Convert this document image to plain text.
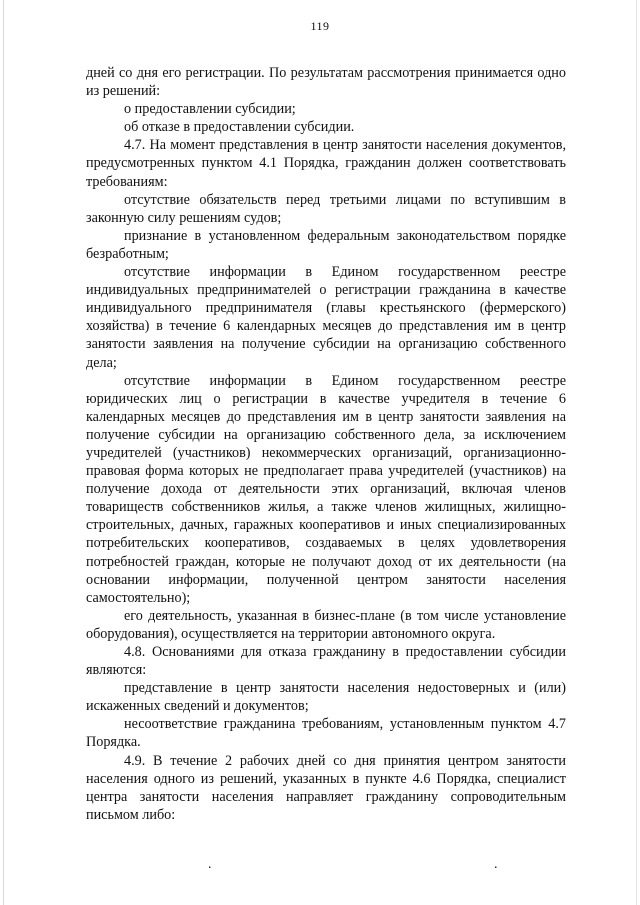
119

дней со дня его регистрации. По результатам рассмотрения принимается одно из решений:

о предоставлении субсидии;

об отказе в предоставлении субсидии.

4.7. На момент представления в центр занятости населения документов, предусмотренных пунктом 4.1 Порядка, гражданин должен соответствовать требованиям:

отсутствие обязательств перед третьими лицами по вступившим в законную силу решениям судов;

признание в установленном федеральным законодательством порядке безработным;

отсутствие информации в Едином государственном реестре индивидуальных предпринимателей о регистрации гражданина в качестве индивидуального предпринимателя (главы крестьянского (фермерского) хозяйства) в течение 6 календарных месяцев до представления им в центр занятости заявления на получение субсидии на организацию собственного дела;

отсутствие информации в Едином государственном реестре юридических лиц о регистрации в качестве учредителя в течение 6 календарных месяцев до представления им в центр занятости заявления на получение субсидии на организацию собственного дела, за исключением учредителей (участников) некоммерческих организаций, организационно-правовая форма которых не предполагает права учредителей (участников) на получение дохода от деятельности этих организаций, включая членов товариществ собственников жилья, а также членов жилищных, жилищно-строительных, дачных, гаражных кооперативов и иных специализированных потребительских кооперативов, создаваемых в целях удовлетворения потребностей граждан, которые не получают доход от их деятельности (на основании информации, полученной центром занятости населения самостоятельно);

его деятельность, указанная в бизнес-плане (в том числе установление оборудования), осуществляется на территории автономного округа.

4.8. Основаниями для отказа гражданину в предоставлении субсидии являются:

представление в центр занятости населения недостоверных и (или) искаженных сведений и документов;

несоответствие гражданина требованиям, установленным пунктом 4.7 Порядка.

4.9. В течение 2 рабочих дней со дня принятия центром занятости населения одного из решений, указанных в пункте 4.6 Порядка, специалист центра занятости населения направляет гражданину сопроводительным письмом либо:

.	.
